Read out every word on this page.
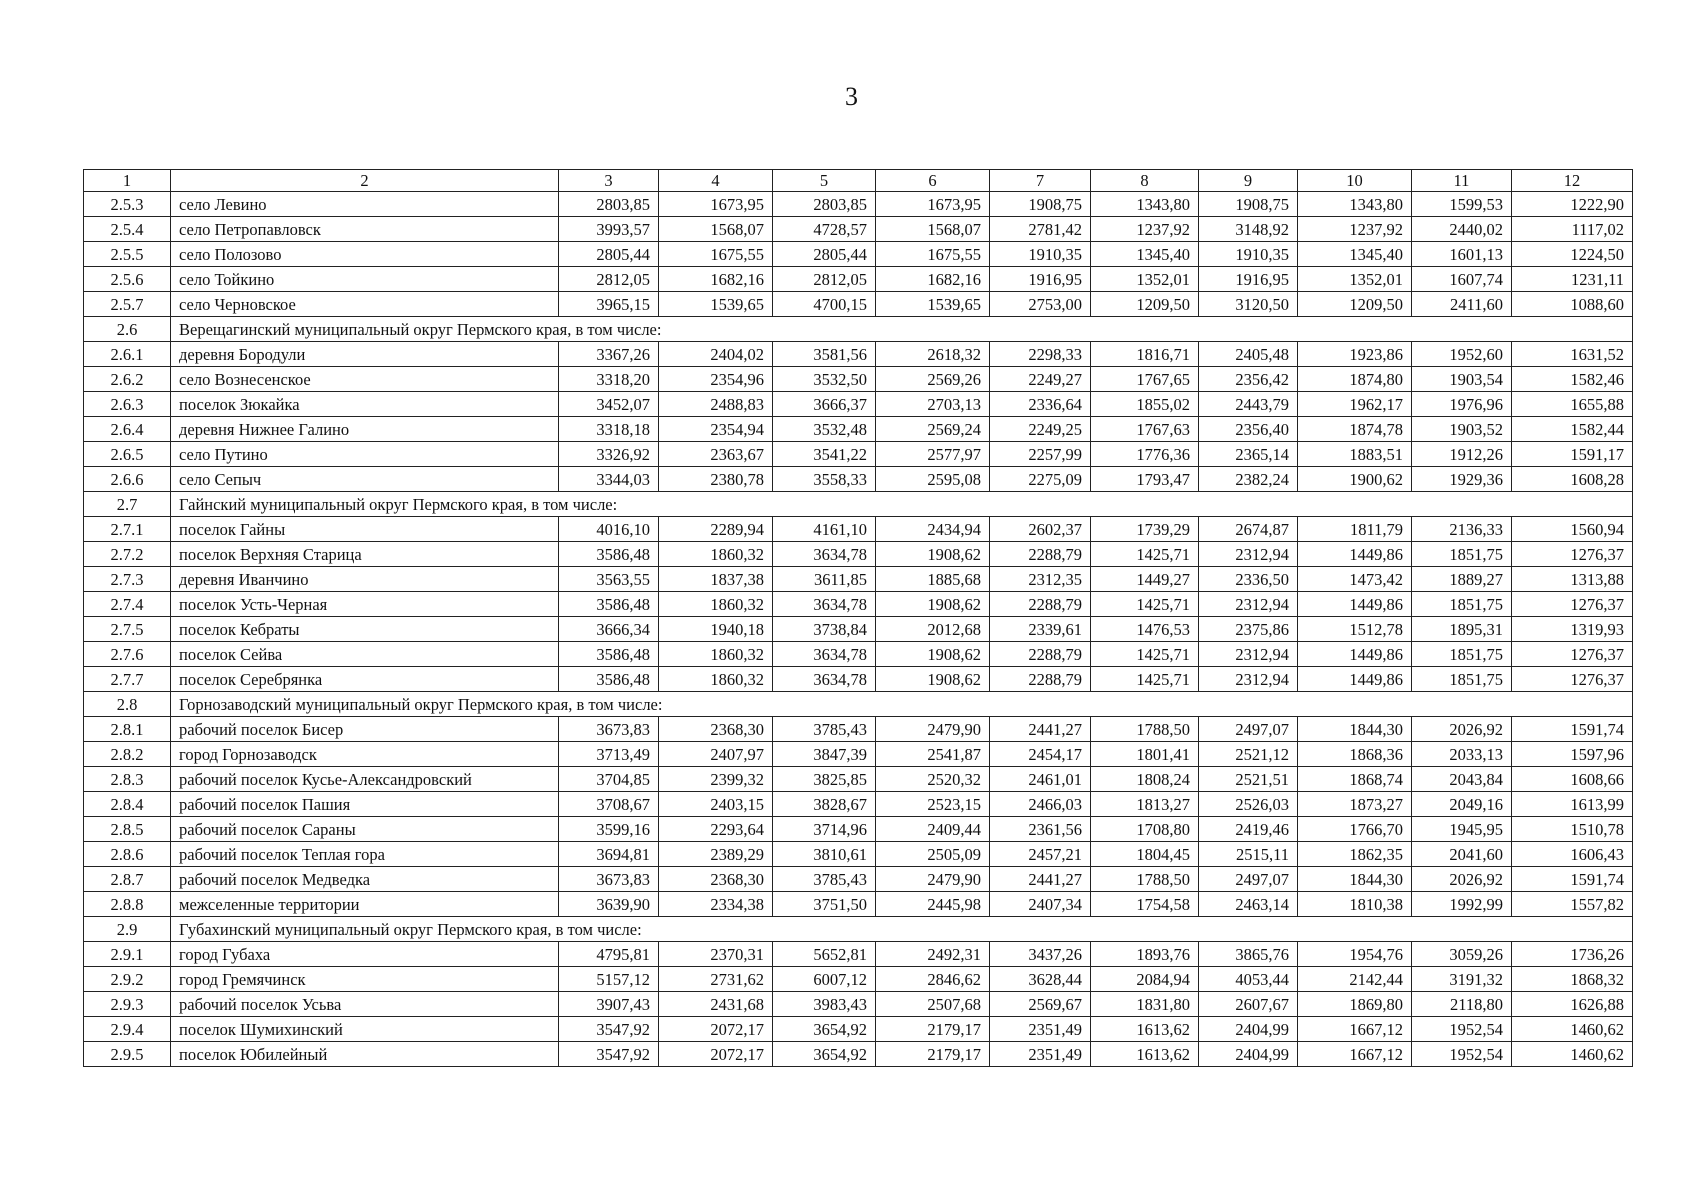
3
1	2	3	4	5	6	7	8	9	10	11	12
2.5.3	село Левино	2803,85	1673,95	2803,85	1673,95	1908,75	1343,80	1908,75	1343,80	1599,53	1222,90
2.5.4	село Петропавловск	3993,57	1568,07	4728,57	1568,07	2781,42	1237,92	3148,92	1237,92	2440,02	1117,02
2.5.5	село Полозово	2805,44	1675,55	2805,44	1675,55	1910,35	1345,40	1910,35	1345,40	1601,13	1224,50
2.5.6	село Тойкино	2812,05	1682,16	2812,05	1682,16	1916,95	1352,01	1916,95	1352,01	1607,74	1231,11
2.5.7	село Черновское	3965,15	1539,65	4700,15	1539,65	2753,00	1209,50	3120,50	1209,50	2411,60	1088,60
2.6	Верещагинский муниципальный округ Пермского края, в том числе:										
2.6.1	деревня Бородули	3367,26	2404,02	3581,56	2618,32	2298,33	1816,71	2405,48	1923,86	1952,60	1631,52
2.6.2	село Вознесенское	3318,20	2354,96	3532,50	2569,26	2249,27	1767,65	2356,42	1874,80	1903,54	1582,46
2.6.3	поселок Зюкайка	3452,07	2488,83	3666,37	2703,13	2336,64	1855,02	2443,79	1962,17	1976,96	1655,88
2.6.4	деревня Нижнее Галино	3318,18	2354,94	3532,48	2569,24	2249,25	1767,63	2356,40	1874,78	1903,52	1582,44
2.6.5	село Путино	3326,92	2363,67	3541,22	2577,97	2257,99	1776,36	2365,14	1883,51	1912,26	1591,17
2.6.6	село Сепыч	3344,03	2380,78	3558,33	2595,08	2275,09	1793,47	2382,24	1900,62	1929,36	1608,28
2.7	Гайнский муниципальный округ Пермского края, в том числе:										
2.7.1	поселок Гайны	4016,10	2289,94	4161,10	2434,94	2602,37	1739,29	2674,87	1811,79	2136,33	1560,94
2.7.2	поселок Верхняя Старица	3586,48	1860,32	3634,78	1908,62	2288,79	1425,71	2312,94	1449,86	1851,75	1276,37
2.7.3	деревня Иванчино	3563,55	1837,38	3611,85	1885,68	2312,35	1449,27	2336,50	1473,42	1889,27	1313,88
2.7.4	поселок Усть-Черная	3586,48	1860,32	3634,78	1908,62	2288,79	1425,71	2312,94	1449,86	1851,75	1276,37
2.7.5	поселок Кебраты	3666,34	1940,18	3738,84	2012,68	2339,61	1476,53	2375,86	1512,78	1895,31	1319,93
2.7.6	поселок Сейва	3586,48	1860,32	3634,78	1908,62	2288,79	1425,71	2312,94	1449,86	1851,75	1276,37
2.7.7	поселок Серебрянка	3586,48	1860,32	3634,78	1908,62	2288,79	1425,71	2312,94	1449,86	1851,75	1276,37
2.8	Горнозаводский муниципальный округ Пермского края, в том числе:										
2.8.1	рабочий поселок Бисер	3673,83	2368,30	3785,43	2479,90	2441,27	1788,50	2497,07	1844,30	2026,92	1591,74
2.8.2	город Горнозаводск	3713,49	2407,97	3847,39	2541,87	2454,17	1801,41	2521,12	1868,36	2033,13	1597,96
2.8.3	рабочий поселок Кусье-Александровский	3704,85	2399,32	3825,85	2520,32	2461,01	1808,24	2521,51	1868,74	2043,84	1608,66
2.8.4	рабочий поселок Пашия	3708,67	2403,15	3828,67	2523,15	2466,03	1813,27	2526,03	1873,27	2049,16	1613,99
2.8.5	рабочий поселок Сараны	3599,16	2293,64	3714,96	2409,44	2361,56	1708,80	2419,46	1766,70	1945,95	1510,78
2.8.6	рабочий поселок Теплая гора	3694,81	2389,29	3810,61	2505,09	2457,21	1804,45	2515,11	1862,35	2041,60	1606,43
2.8.7	рабочий поселок Медведка	3673,83	2368,30	3785,43	2479,90	2441,27	1788,50	2497,07	1844,30	2026,92	1591,74
2.8.8	межселенные территории	3639,90	2334,38	3751,50	2445,98	2407,34	1754,58	2463,14	1810,38	1992,99	1557,82
2.9	Губахинский муниципальный округ Пермского края, в том числе:										
2.9.1	город Губаха	4795,81	2370,31	5652,81	2492,31	3437,26	1893,76	3865,76	1954,76	3059,26	1736,26
2.9.2	город Гремячинск	5157,12	2731,62	6007,12	2846,62	3628,44	2084,94	4053,44	2142,44	3191,32	1868,32
2.9.3	рабочий поселок Усьва	3907,43	2431,68	3983,43	2507,68	2569,67	1831,80	2607,67	1869,80	2118,80	1626,88
2.9.4	поселок Шумихинский	3547,92	2072,17	3654,92	2179,17	2351,49	1613,62	2404,99	1667,12	1952,54	1460,62
2.9.5	поселок Юбилейный	3547,92	2072,17	3654,92	2179,17	2351,49	1613,62	2404,99	1667,12	1952,54	1460,62
